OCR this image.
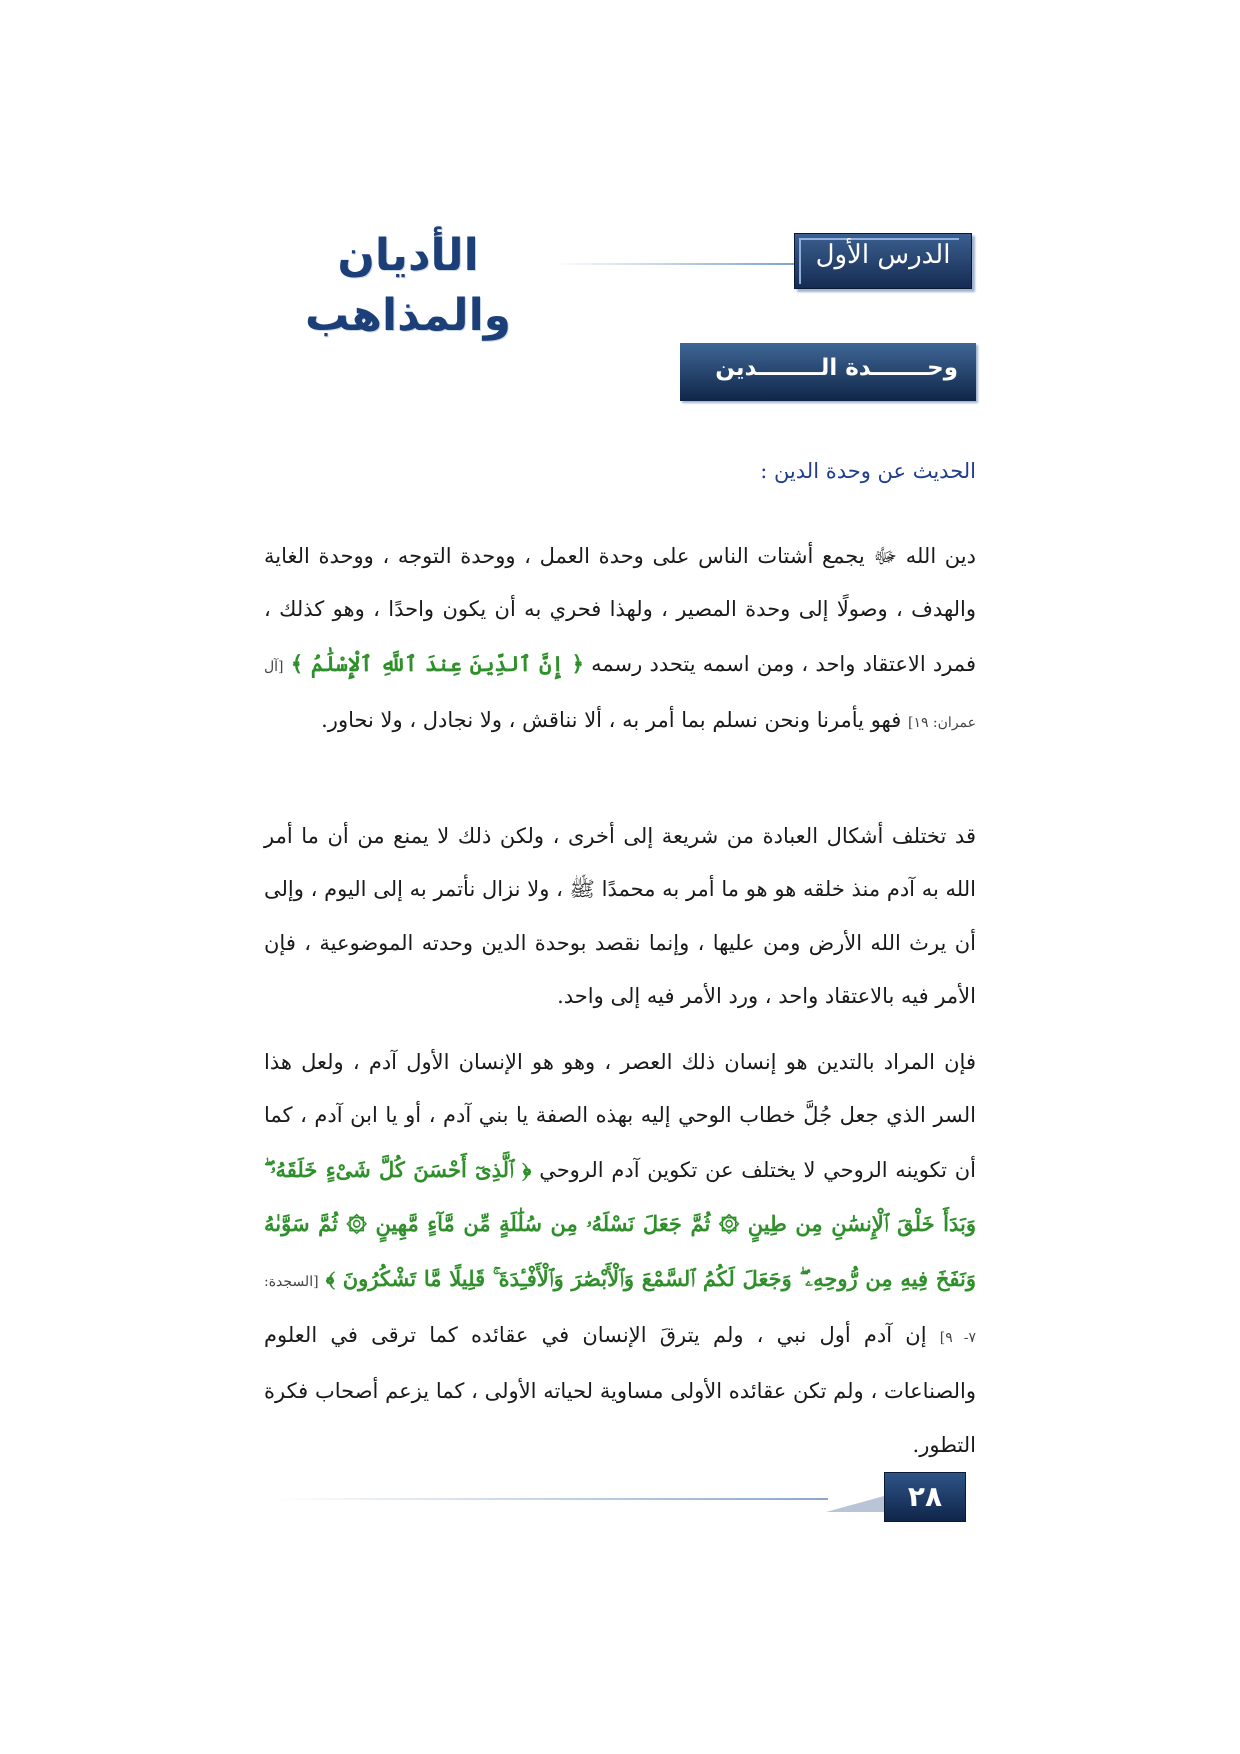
الأديان والمذاهب
الدرس الأول
وحـــــــدة الــــــــدين
الحديث عن وحدة الدين :
دين الله ﷻ يجمع أشتات الناس على وحدة العمل ، ووحدة التوجه ، ووحدة الغاية والهدف ، وصولًا إلى وحدة المصير ، ولهذا فحري به أن يكون واحدًا ، وهو كذلك ، فمرد الاعتقاد واحد ، ومن اسمه يتحدد رسمه ﴿ إِنَّ ٱلدِّينَ عِندَ ٱللَّهِ ٱلْإِسْلَٰمُ ﴾ [آل عمران: ١٩] فهو يأمرنا ونحن نسلم بما أمر به ، ألا نناقش ، ولا نجادل ، ولا نحاور.
قد تختلف أشكال العبادة من شريعة إلى أخرى ، ولكن ذلك لا يمنع من أن ما أمر الله به آدم منذ خلقه هو هو ما أمر به محمدًا ﷺ ، ولا نزال نأتمر به إلى اليوم ، وإلى أن يرث الله الأرض ومن عليها ، وإنما نقصد بوحدة الدين وحدته الموضوعية ، فإن الأمر فيه بالاعتقاد واحد ، ورد الأمر فيه إلى واحد.
فإن المراد بالتدين هو إنسان ذلك العصر ، وهو هو الإنسان الأول آدم ، ولعل هذا السر الذي جعل جُلَّ خطاب الوحي إليه بهذه الصفة يا بني آدم ، أو يا ابن آدم ، كما أن تكوينه الروحي لا يختلف عن تكوين آدم الروحي ﴿ ٱلَّذِىٓ أَحْسَنَ كُلَّ شَىْءٍ خَلَقَهُۥ ۖ وَبَدَأَ خَلْقَ ٱلْإِنسَٰنِ مِن طِينٍ ۞ ثُمَّ جَعَلَ نَسْلَهُۥ مِن سُلَٰلَةٍ مِّن مَّآءٍ مَّهِينٍ ۞ ثُمَّ سَوَّىٰهُ وَنَفَخَ فِيهِ مِن رُّوحِهِۦ ۖ وَجَعَلَ لَكُمُ ٱلسَّمْعَ وَٱلْأَبْصَٰرَ وَٱلْأَفْـِٔدَةَ ۚ قَلِيلًا مَّا تَشْكُرُونَ ﴾ [السجدة: ٧- ٩] إن آدم أول نبي ، ولم يترقَ الإنسان في عقائده كما ترقى في العلوم والصناعات ، ولم تكن عقائده الأولى مساوية لحياته الأولى ، كما يزعم أصحاب فكرة التطور.
٢٨
